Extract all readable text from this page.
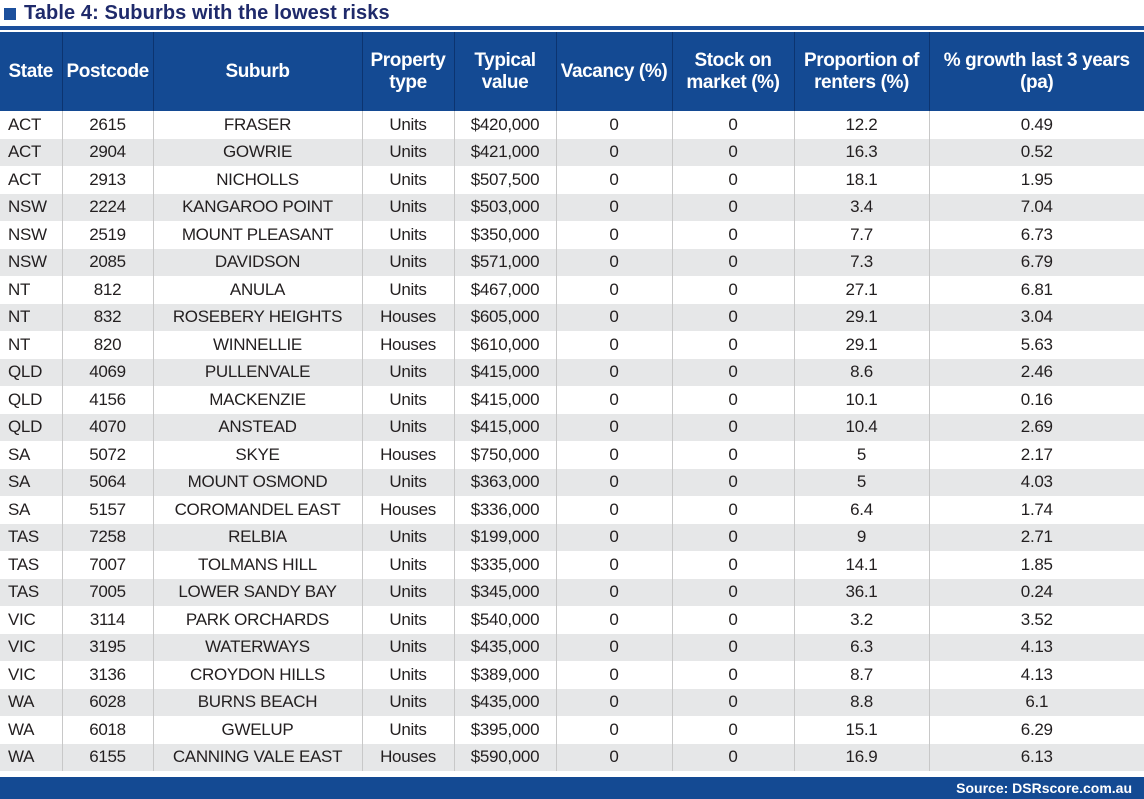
Table 4: Suburbs with the lowest risks
State	Postcode	Suburb	Property type	Typical value	Vacancy (%)	Stock on market (%)	Proportion of renters (%)	% growth last 3 years (pa)
ACT	2615	FRASER	Units	$420,000	0	0	12.2	0.49
ACT	2904	GOWRIE	Units	$421,000	0	0	16.3	0.52
ACT	2913	NICHOLLS	Units	$507,500	0	0	18.1	1.95
NSW	2224	KANGAROO POINT	Units	$503,000	0	0	3.4	7.04
NSW	2519	MOUNT PLEASANT	Units	$350,000	0	0	7.7	6.73
NSW	2085	DAVIDSON	Units	$571,000	0	0	7.3	6.79
NT	812	ANULA	Units	$467,000	0	0	27.1	6.81
NT	832	ROSEBERY HEIGHTS	Houses	$605,000	0	0	29.1	3.04
NT	820	WINNELLIE	Houses	$610,000	0	0	29.1	5.63
QLD	4069	PULLENVALE	Units	$415,000	0	0	8.6	2.46
QLD	4156	MACKENZIE	Units	$415,000	0	0	10.1	0.16
QLD	4070	ANSTEAD	Units	$415,000	0	0	10.4	2.69
SA	5072	SKYE	Houses	$750,000	0	0	5	2.17
SA	5064	MOUNT OSMOND	Units	$363,000	0	0	5	4.03
SA	5157	COROMANDEL EAST	Houses	$336,000	0	0	6.4	1.74
TAS	7258	RELBIA	Units	$199,000	0	0	9	2.71
TAS	7007	TOLMANS HILL	Units	$335,000	0	0	14.1	1.85
TAS	7005	LOWER SANDY BAY	Units	$345,000	0	0	36.1	0.24
VIC	3114	PARK ORCHARDS	Units	$540,000	0	0	3.2	3.52
VIC	3195	WATERWAYS	Units	$435,000	0	0	6.3	4.13
VIC	3136	CROYDON HILLS	Units	$389,000	0	0	8.7	4.13
WA	6028	BURNS BEACH	Units	$435,000	0	0	8.8	6.1
WA	6018	GWELUP	Units	$395,000	0	0	15.1	6.29
WA	6155	CANNING VALE EAST	Houses	$590,000	0	0	16.9	6.13
Source: DSRscore.com.au
